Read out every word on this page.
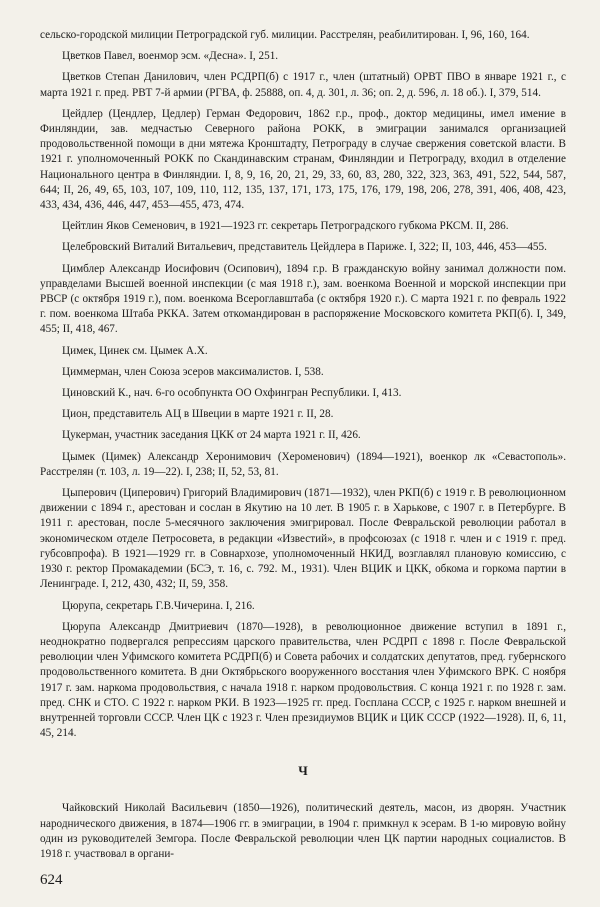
сельско-городской милиции Петроградской губ. милиции. Расстрелян, реабилитирован. I, 96, 160, 164.

Цветков Павел, военмор эсм. «Десна». I, 251.

Цветков Степан Данилович, член РСДРП(б) с 1917 г., член (штатный) ОРВТ ПВО в январе 1921 г., с марта 1921 г. пред. РВТ 7-й армии (РГВА, ф. 25888, оп. 4, д. 301, л. 36; оп. 2, д. 596, л. 18 об.). I, 379, 514.

Цейдлер (Цендлер, Цедлер) Герман Федорович, 1862 г.р., проф., доктор медицины, имел имение в Финляндии, зав. медчастью Северного района РОКК, в эмиграции занимался организацией продовольственной помощи в дни мятежа Кронштадту, Петрограду в случае свержения советской власти. В 1921 г. уполномоченный РОКК по Скандинавским странам, Финляндии и Петрограду, входил в отделение Национального центра в Финляндии. I, 8, 9, 16, 20, 21, 29, 33, 60, 83, 280, 322, 323, 363, 491, 522, 544, 587, 644; II, 26, 49, 65, 103, 107, 109, 110, 112, 135, 137, 171, 173, 175, 176, 179, 198, 206, 278, 391, 406, 408, 423, 433, 434, 436, 446, 447, 453—455, 473, 474.

Цейтлин Яков Семенович, в 1921—1923 гг. секретарь Петроградского губкома РКСМ. II, 286.

Целебровский Виталий Витальевич, представитель Цейдлера в Париже. I, 322; II, 103, 446, 453—455.

Цимблер Александр Иосифович (Осипович), 1894 г.р. В гражданскую войну занимал должности пом. управделами Высшей военной инспекции (с мая 1918 г.), зам. военкома Военной и морской инспекции при РВСР (с октября 1919 г.), пом. военкома Всероглавштаба (с октября 1920 г.). С марта 1921 г. по февраль 1922 г. пом. военкома Штаба РККА. Затем откомандирован в распоряжение Московского комитета РКП(б). I, 349, 455; II, 418, 467.

Цимек, Цинек см. Цымек А.Х.

Циммерман, член Союза эсеров максималистов. I, 538.

Циновский К., нач. 6-го особпункта ОО Охфингран Республики. I, 413.

Цион, представитель АЦ в Швеции в марте 1921 г. II, 28.

Цукерман, участник заседания ЦКК от 24 марта 1921 г. II, 426.

Цымек (Цимек) Александр Херонимович (Хероменович) (1894—1921), военкор лк «Севастополь». Расстрелян (т. 103, л. 19—22). I, 238; II, 52, 53, 81.

Цыперович (Циперович) Григорий Владимирович (1871—1932), член РКП(б) с 1919 г. В революционном движении с 1894 г., арестован и сослан в Якутию на 10 лет. В 1905 г. в Харькове, с 1907 г. в Петербурге. В 1911 г. арестован, после 5-месячного заключения эмигрировал. После Февральской революции работал в экономическом отделе Петросовета, в редакции «Известий», в профсоюзах (с 1918 г. член и с 1919 г. пред. губсовпрофа). В 1921—1929 гг. в Совнархозе, уполномоченный НКИД, возглавлял плановую комиссию, с 1930 г. ректор Промакадемии (БСЭ, т. 16, с. 792. М., 1931). Член ВЦИК и ЦКК, обкома и горкома партии в Ленинграде. I, 212, 430, 432; II, 59, 358.

Цюрупа, секретарь Г.В.Чичерина. I, 216.

Цюрупа Александр Дмитриевич (1870—1928), в революционное движение вступил в 1891 г., неоднократно подвергался репрессиям царского правительства, член РСДРП с 1898 г. После Февральской революции член Уфимского комитета РСДРП(б) и Совета рабочих и солдатских депутатов, пред. губернского продовольственного комитета. В дни Октябрьского вооруженного восстания член Уфимского ВРК. С ноября 1917 г. зам. наркома продовольствия, с начала 1918 г. нарком продовольствия. С конца 1921 г. по 1928 г. зам. пред. СНК и СТО. С 1922 г. нарком РКИ. В 1923—1925 гг. пред. Госплана СССР, с 1925 г. нарком внешней и внутренней торговли СССР. Член ЦК с 1923 г. Член президиумов ВЦИК и ЦИК СССР (1922—1928). II, 6, 11, 45, 214.

Ч

Чайковский Николай Васильевич (1850—1926), политический деятель, масон, из дворян. Участник народнического движения, в 1874—1906 гг. в эмиграции, в 1904 г. примкнул к эсерам. В 1-ю мировую войну один из руководителей Земгора. После Февральской революции член ЦК партии народных социалистов. В 1918 г. участвовал в органи-

624
